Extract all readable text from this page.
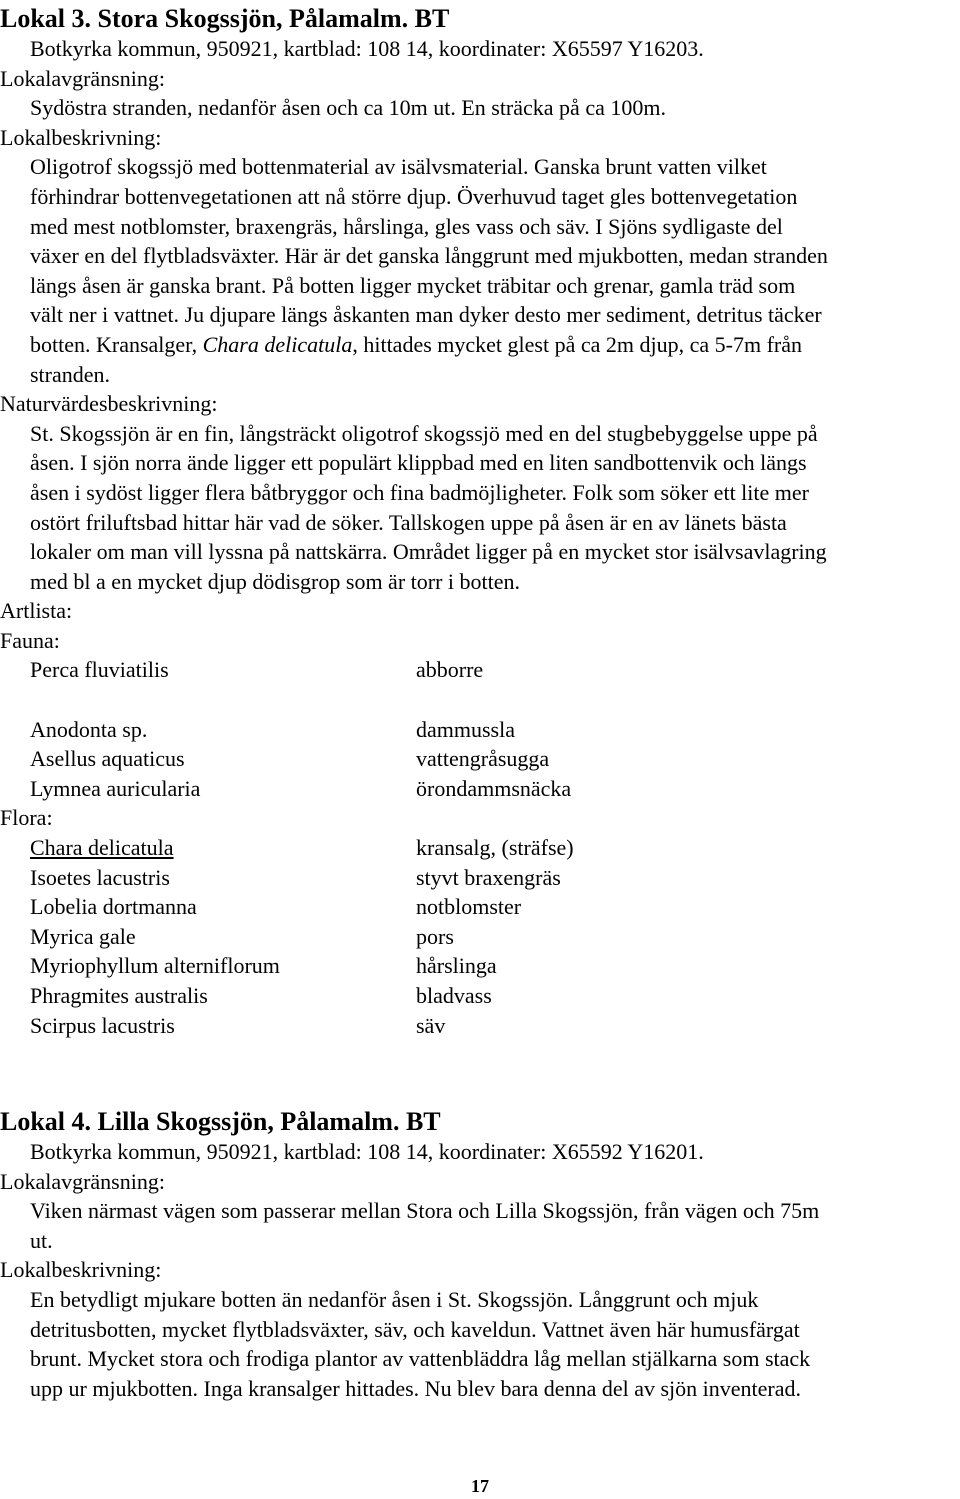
Lokal 3. Stora Skogssjön, Pålamalm. BT
Botkyrka kommun, 950921, kartblad: 108 14, koordinater: X65597 Y16203.
Lokalavgränsning:
Sydöstra stranden, nedanför åsen och ca 10m ut. En sträcka på ca 100m.
Lokalbeskrivning:
Oligotrof skogssjö med bottenmaterial av isälvsmaterial. Ganska brunt vatten vilket
förhindrar bottenvegetationen att nå större djup. Överhuvud taget gles bottenvegetation
med mest notblomster, braxengräs, hårslinga, gles vass och säv. I Sjöns sydligaste del
växer en del flytbladsväxter. Här är det ganska långgrunt med mjukbotten, medan stranden
längs åsen är ganska brant. På botten ligger mycket träbitar och grenar, gamla träd som
vält ner i vattnet. Ju djupare längs åskanten man dyker desto mer sediment, detritus täcker
botten. Kransalger, Chara delicatula, hittades mycket glest på ca 2m djup, ca 5-7m från
stranden.
Naturvärdesbeskrivning:
St. Skogssjön är en fin, långsträckt oligotrof skogssjö med en del stugbebyggelse uppe på
åsen. I sjön norra ände ligger ett populärt klippbad med en liten sandbottenvik och längs
åsen i sydöst ligger flera båtbryggor och fina badmöjligheter. Folk som söker ett lite mer
ostört friluftsbad hittar här vad de söker. Tallskogen uppe på åsen är en av länets bästa
lokaler om man vill lyssna på nattskärra. Området ligger på en mycket stor isälvsavlagring
med bl a en mycket djup dödisgrop som är torr i botten.
Artlista:
Fauna:
Perca fluviatilis	abborre
Anodonta sp.	dammussla
Asellus aquaticus	vattengråsugga
Lymnea auricularia	örondammsnäcka
Flora:
Chara delicatula	kransalg, (sträfse)
Isoetes lacustris	styvt braxengräs
Lobelia dortmanna	notblomster
Myrica gale	pors
Myriophyllum alterniflorum	hårslinga
Phragmites australis	bladvass
Scirpus lacustris	säv
Lokal 4. Lilla Skogssjön, Pålamalm. BT
Botkyrka kommun, 950921, kartblad: 108 14, koordinater: X65592 Y16201.
Lokalavgränsning:
Viken närmast vägen som passerar mellan Stora och Lilla Skogssjön, från vägen och 75m
ut.
Lokalbeskrivning:
En betydligt mjukare botten än nedanför åsen i St. Skogssjön. Långgrunt och mjuk
detritusbotten, mycket flytbladsväxter, säv, och kaveldun. Vattnet även här humusfärgat
brunt. Mycket stora och frodiga plantor av vattenbläddra låg mellan stjälkarna som stack
upp ur mjukbotten. Inga kransalger hittades. Nu blev bara denna del av sjön inventerad.
17
